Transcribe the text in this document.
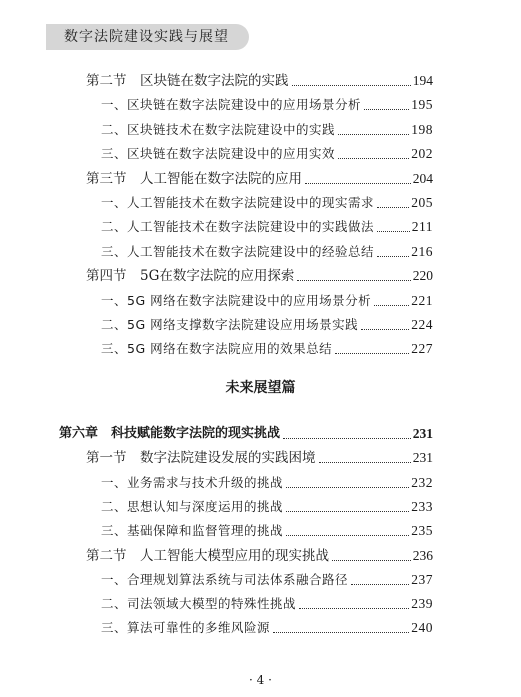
数字法院建设实践与展望
第二节　区块链在数字法院的实践	194
一、区块链在数字法院建设中的应用场景分析	195
二、区块链技术在数字法院建设中的实践	198
三、区块链在数字法院建设中的应用实效	202
第三节　人工智能在数字法院的应用	204
一、人工智能技术在数字法院建设中的现实需求	205
二、人工智能技术在数字法院建设中的实践做法	211
三、人工智能技术在数字法院建设中的经验总结	216
第四节　5G在数字法院的应用探索	220
一、5G 网络在数字法院建设中的应用场景分析	221
二、5G 网络支撑数字法院建设应用场景实践	224
三、5G 网络在数字法院应用的效果总结	227
未来展望篇
第六章　科技赋能数字法院的现实挑战	231
第一节　数字法院建设发展的实践困境	231
一、业务需求与技术升级的挑战	232
二、思想认知与深度运用的挑战	233
三、基础保障和监督管理的挑战	235
第二节　人工智能大模型应用的现实挑战	236
一、合理规划算法系统与司法体系融合路径	237
二、司法领域大模型的特殊性挑战	239
三、算法可靠性的多维风险源	240
· 4 ·
